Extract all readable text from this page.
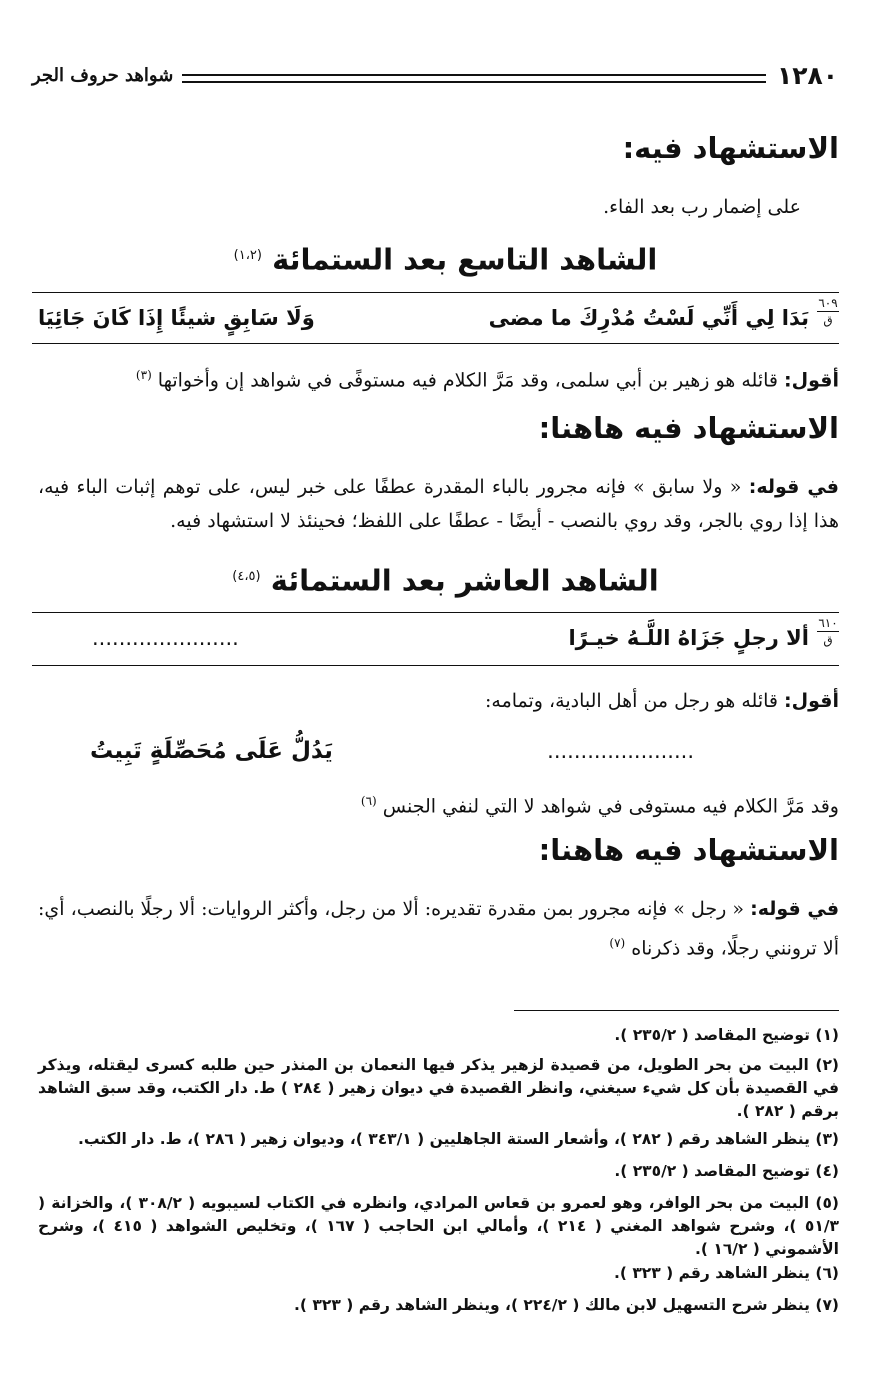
١٢٨٠
شواهد حروف الجر
الاستشهاد فيه:
على إضمار رب بعد الفاء.
الشاهد التاسع بعد الستمائة $^{(١،٢)}$
٦٠٩
ق
بَدَا لِي أَنِّي لَسْتُ مُدْرِكَ ما مضى
وَلَا سَابِقٍ شيئًا إِذَا كَانَ جَائِيَا
أقول: قائله هو زهير بن أبي سلمى، وقد مَرَّ الكلام فيه مستوفًى في شواهد إن وأخواتها $^{(٣)}$
الاستشهاد فيه هاهنا:
في قوله: « ولا سابق » فإنه مجرور بالباء المقدرة عطفًا على خبر ليس، على توهم إثبات الباء فيه، هذا إذا روي بالجر، وقد روي بالنصب - أيضًا - عطفًا على اللفظ؛ فحينئذ لا استشهاد فيه.
الشاهد العاشر بعد الستمائة $^{(٤،٥)}$
٦١٠
ق
ألا رجلٍ جَزَاهُ اللَّـهُ خيـرًا
......................
أقول: قائله هو رجل من أهل البادية، وتمامه:
......................
يَدُلُّ عَلَى مُحَصِّلَةٍ تَبِيتُ
وقد مَرَّ الكلام فيه مستوفى في شواهد لا التي لنفي الجنس $^{(٦)}$
الاستشهاد فيه هاهنا:
في قوله: « رجل » فإنه مجرور بمن مقدرة تقديره: ألا من رجل، وأكثر الروايات: ألا رجلًا بالنصب، أي: ألا ترونني رجلًا، وقد ذكرناه $^{(٧)}$
(١) توضيح المقاصد ( ٢٣٥/٢ ).
(٢) البيت من بحر الطويل، من قصيدة لزهير يذكر فيها النعمان بن المنذر حين طلبه كسرى ليقتله، ويذكر في القصيدة بأن كل شيء سيغني، وانظر القصيدة في ديوان زهير ( ٢٨٤ ) ط. دار الكتب، وقد سبق الشاهد برقم ( ٢٨٢ ).
(٣) ينظر الشاهد رقم ( ٢٨٢ )، وأشعار الستة الجاهليين ( ٣٤٣/١ )، وديوان زهير ( ٢٨٦ )، ط. دار الكتب.
(٤) توضيح المقاصد ( ٢٣٥/٢ ).
(٥) البيت من بحر الوافر، وهو لعمرو بن قعاس المرادي، وانظره في الكتاب لسيبويه ( ٣٠٨/٢ )، والخزانة ( ٥١/٣ )، وشرح شواهد المغني ( ٢١٤ )، وأمالي ابن الحاجب ( ١٦٧ )، وتخليص الشواهد ( ٤١٥ )، وشرح الأشموني ( ١٦/٢ ).
(٦) ينظر الشاهد رقم ( ٣٢٣ ).
(٧) ينظر شرح التسهيل لابن مالك ( ٢٢٤/٢ )، وينظر الشاهد رقم ( ٣٢٣ ).
